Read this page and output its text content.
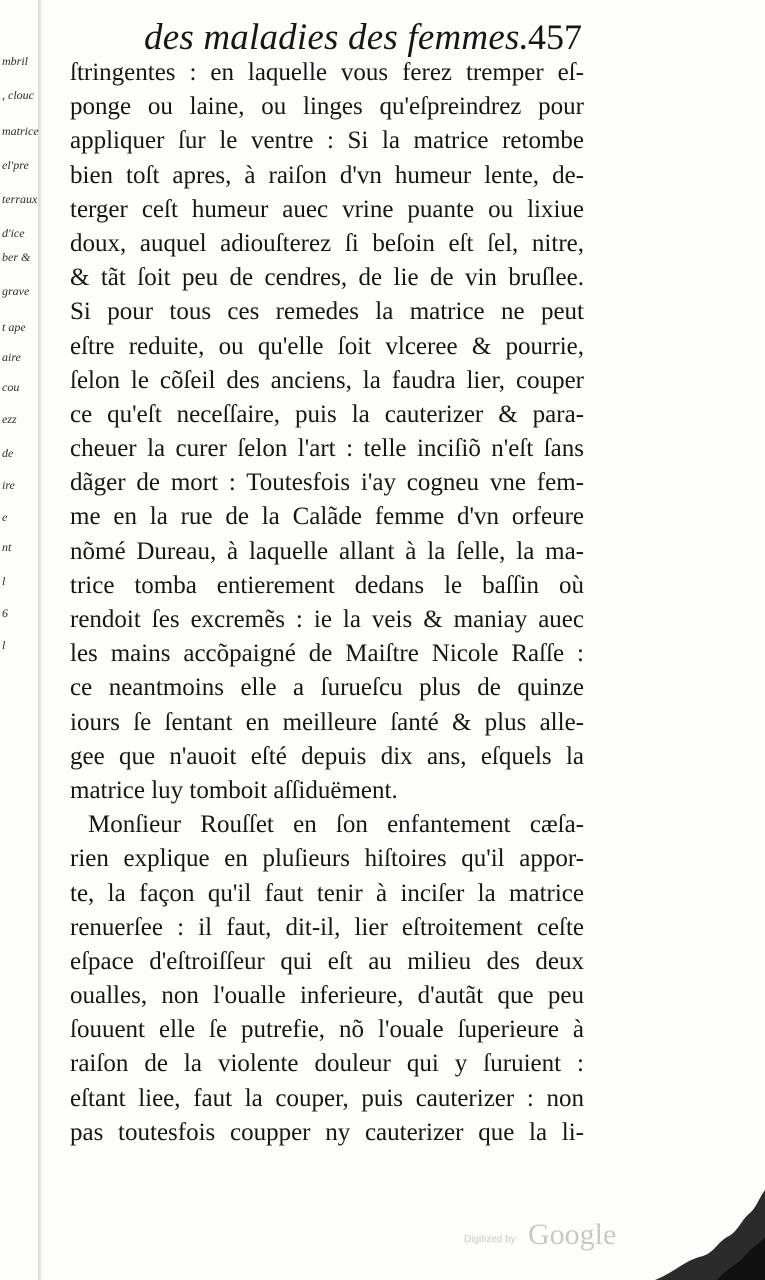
mbril
, clouc
matrice
el'pre
terraux
d'ice
ber &
grave
t ape
aire
cou
ezz
de
ire
e
nt
l
6
l
des maladies des femmes.
457
ſtringentes : en laquelle vous ferez tremper eſ-
ponge ou laine, ou linges qu'eſpreindrez pour
appliquer ſur le ventre : Si la matrice retombe
bien toſt apres, à raiſon d'vn humeur lente, de-
terger ceſt humeur auec vrine puante ou lixiue
doux, auquel adiouſterez ſi beſoin eſt ſel, nitre,
& tãt ſoit peu de cendres, de lie de vin bruſlee.
Si pour tous ces remedes la matrice ne peut
eſtre reduite, ou qu'elle ſoit vlceree & pourrie,
ſelon le cõſeil des anciens, la faudra lier, couper
ce qu'eſt neceſſaire, puis la cauterizer & para-
cheuer la curer ſelon l'art : telle inciſiõ n'eſt ſans
dãger de mort : Toutesfois i'ay cogneu vne fem-
me en la rue de la Calãde femme d'vn orfeure
nõmé Dureau, à laquelle allant à la ſelle, la ma-
trice tomba entierement dedans le baſſin où
rendoit ſes excremẽs : ie la veis & maniay auec
les mains accõpaigné de Maiſtre Nicole Raſſe :
ce neantmoins elle a ſurueſcu plus de quinze
iours ſe ſentant en meilleure ſanté & plus alle-
gee que n'auoit eſté depuis dix ans, eſquels la
matrice luy tomboit aſſiduëment.
Monſieur Rouſſet en ſon enfantement cæſa-
rien explique en pluſieurs hiſtoires qu'il appor-
te, la façon qu'il faut tenir à inciſer la matrice
renuerſee : il faut, dit-il, lier eſtroitement ceſte
eſpace d'eſtroiſſeur qui eſt au milieu des deux
oualles, non l'oualle inferieure, d'autãt que peu
ſouuent elle ſe putrefie, nõ l'ouale ſuperieure à
raiſon de la violente douleur qui y ſuruient :
eſtant liee, faut la couper, puis cauterizer : non
pas toutesfois coupper ny cauterizer que la li-
Digitized by Google
